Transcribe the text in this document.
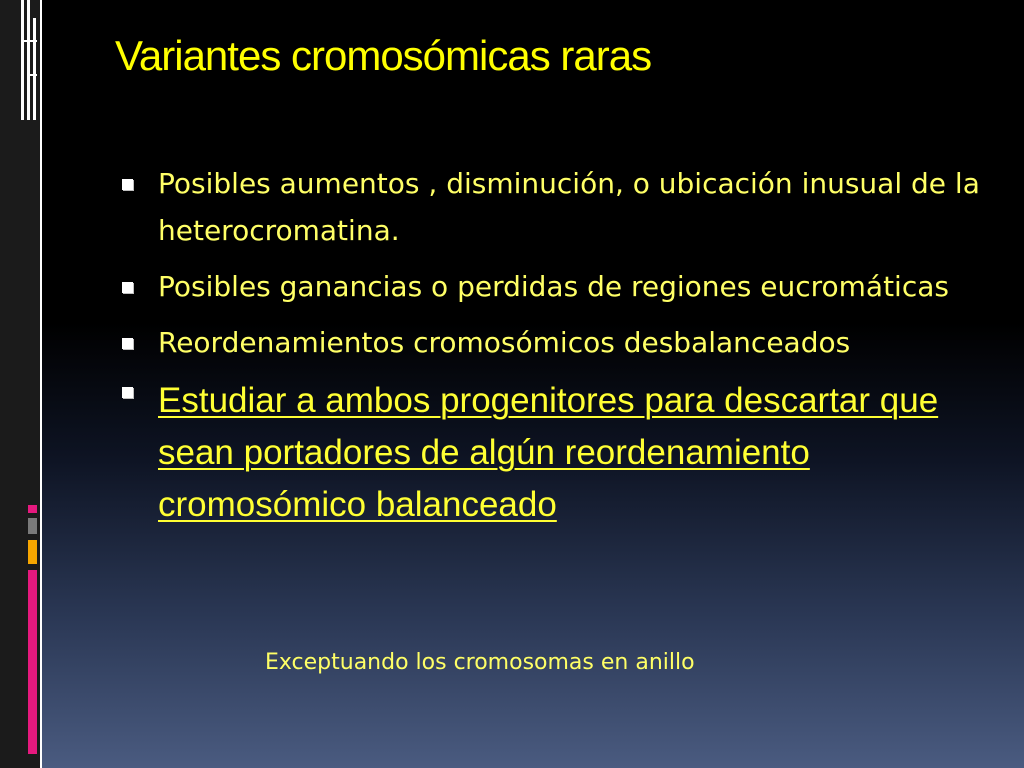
Variantes cromosómicas raras
Posibles aumentos , disminución, o ubicación inusual de la heterocromatina.
Posibles ganancias o perdidas de regiones eucromáticas
Reordenamientos cromosómicos desbalanceados
Estudiar a ambos progenitores para descartar que sean portadores de algún reordenamiento cromosómico balanceado

Exceptuando los cromosomas en anillo
